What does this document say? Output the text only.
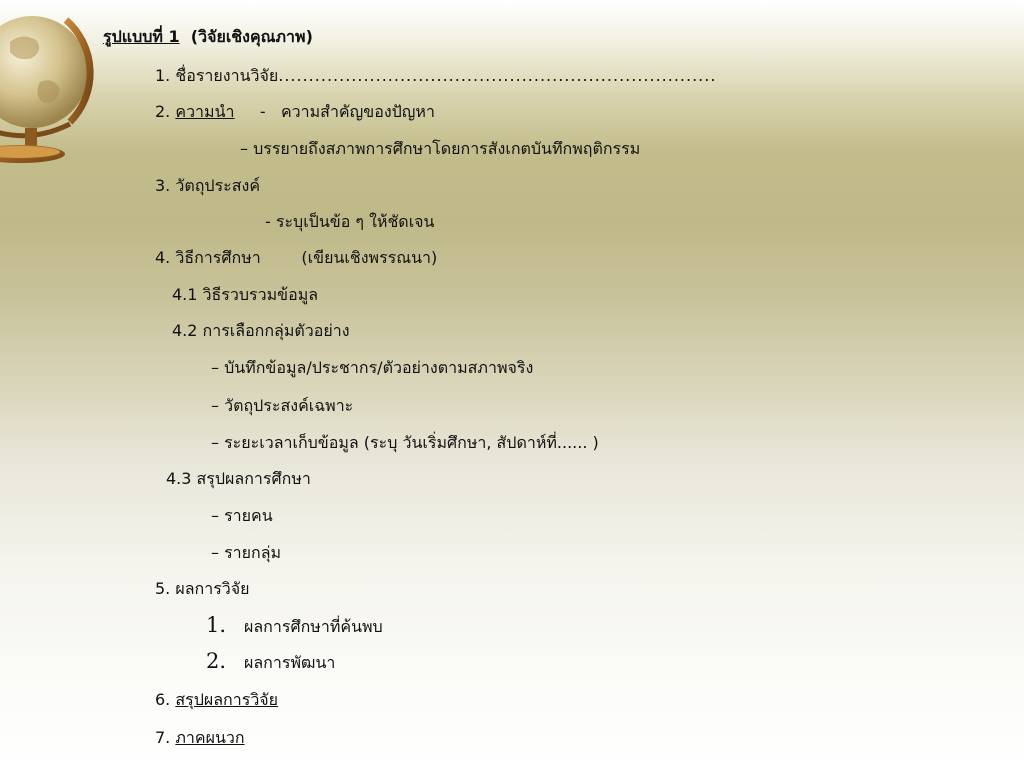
รูปแบบที่ 1 (วิจัยเชิงคุณภาพ)
1. ชื่อรายงานวิจัย........................................................................
2. ความนำ     -   ความสำคัญของปัญหา
– บรรยายถึงสภาพการศึกษาโดยการสังเกตบันทึกพฤติกรรม
3. วัตถุประสงค์
- ระบุเป็นข้อ ๆ ให้ชัดเจน
4. วิธีการศึกษา        (เขียนเชิงพรรณนา)
4.1 วิธีรวบรวมข้อมูล
4.2 การเลือกกลุ่มตัวอย่าง
– บันทึกข้อมูล/ประชากร/ตัวอย่างตามสภาพจริง
– วัตถุประสงค์เฉพาะ
– ระยะเวลาเก็บข้อมูล (ระบุ วันเริ่มศึกษา, สัปดาห์ที่...... )
4.3 สรุปผลการศึกษา
– รายคน
– รายกลุ่ม
5. ผลการวิจัย
1. ผลการศึกษาที่ค้นพบ
2. ผลการพัฒนา
6. สรุปผลการวิจัย
7. ภาคผนวก
